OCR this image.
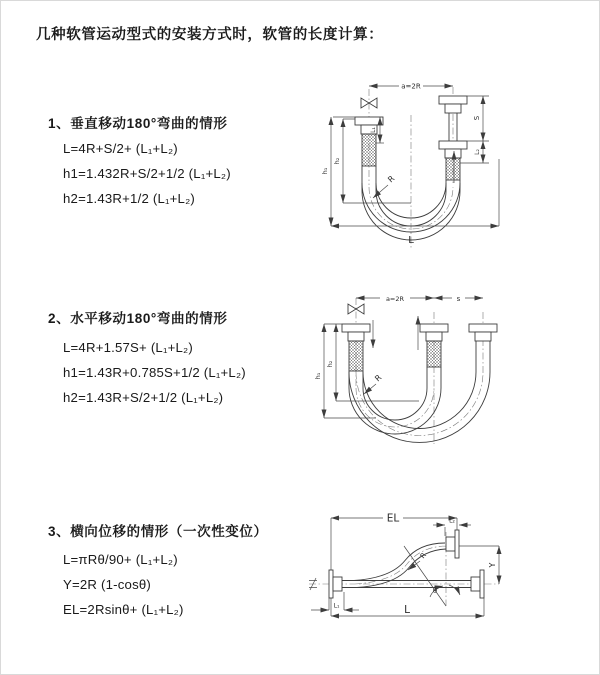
几种软管运动型式的安装方式时，软管的长度计算：
1、垂直移动180°弯曲的情形
L=4R+S/2+ (L₁+L₂)
h1=1.432R+S/2+1/2 (L₁+L₂)
h2=1.43R+1/2 (L₁+L₂)
a=2R
h₁
h₂
L₁
S
L₂
R
L
2、水平移动180°弯曲的情形
L=4R+1.57S+ (L₁+L₂)
h1=1.43R+0.785S+1/2 (L₁+L₂)
h2=1.43R+S/2+1/2 (L₁+L₂)
a=2R	s
h₁
h₂
R
3、横向位移的情形（一次性变位）
L=πRθ/90+ (L₁+L₂)
Y=2R (1-cosθ)
EL=2Rsinθ+ (L₁+L₂)
θ
EL	L₂
Y
R
L₁	L
